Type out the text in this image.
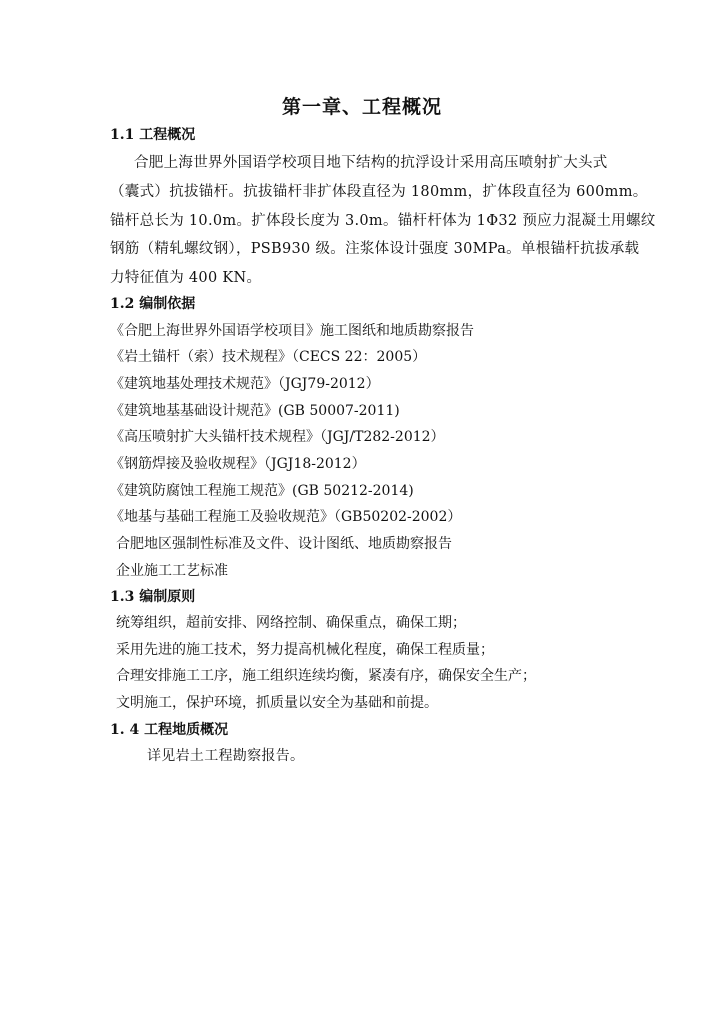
第一章、工程概况
1.1 工程概况
合肥上海世界外国语学校项目地下结构的抗浮设计采用高压喷射扩大头式
（囊式）抗拔锚杆。抗拔锚杆非扩体段直径为 180mm，扩体段直径为 600mm。
锚杆总长为 10.0m。扩体段长度为 3.0m。锚杆杆体为 1Φ32 预应力混凝土用螺纹
钢筋（精轧螺纹钢），PSB930 级。注浆体设计强度 30MPa。单根锚杆抗拔承载
力特征值为 400 KN。
1.2 编制依据
《合肥上海世界外国语学校项目》施工图纸和地质勘察报告
《岩土锚杆（索）技术规程》（CECS 22：2005）
《建筑地基处理技术规范》（JGJ79-2012）
《建筑地基基础设计规范》(GB 50007-2011)
《高压喷射扩大头锚杆技术规程》（JGJ/T282-2012）
《钢筋焊接及验收规程》（JGJ18-2012）
《建筑防腐蚀工程施工规范》(GB 50212-2014)
《地基与基础工程施工及验收规范》（GB50202-2002）
合肥地区强制性标准及文件、设计图纸、地质勘察报告
企业施工工艺标准
1.3 编制原则
统筹组织，超前安排、网络控制、确保重点，确保工期；
采用先进的施工技术，努力提高机械化程度，确保工程质量；
合理安排施工工序，施工组织连续均衡，紧凑有序，确保安全生产；
文明施工，保护环境，抓质量以安全为基础和前提。
1. 4 工程地质概况
详见岩土工程勘察报告。
